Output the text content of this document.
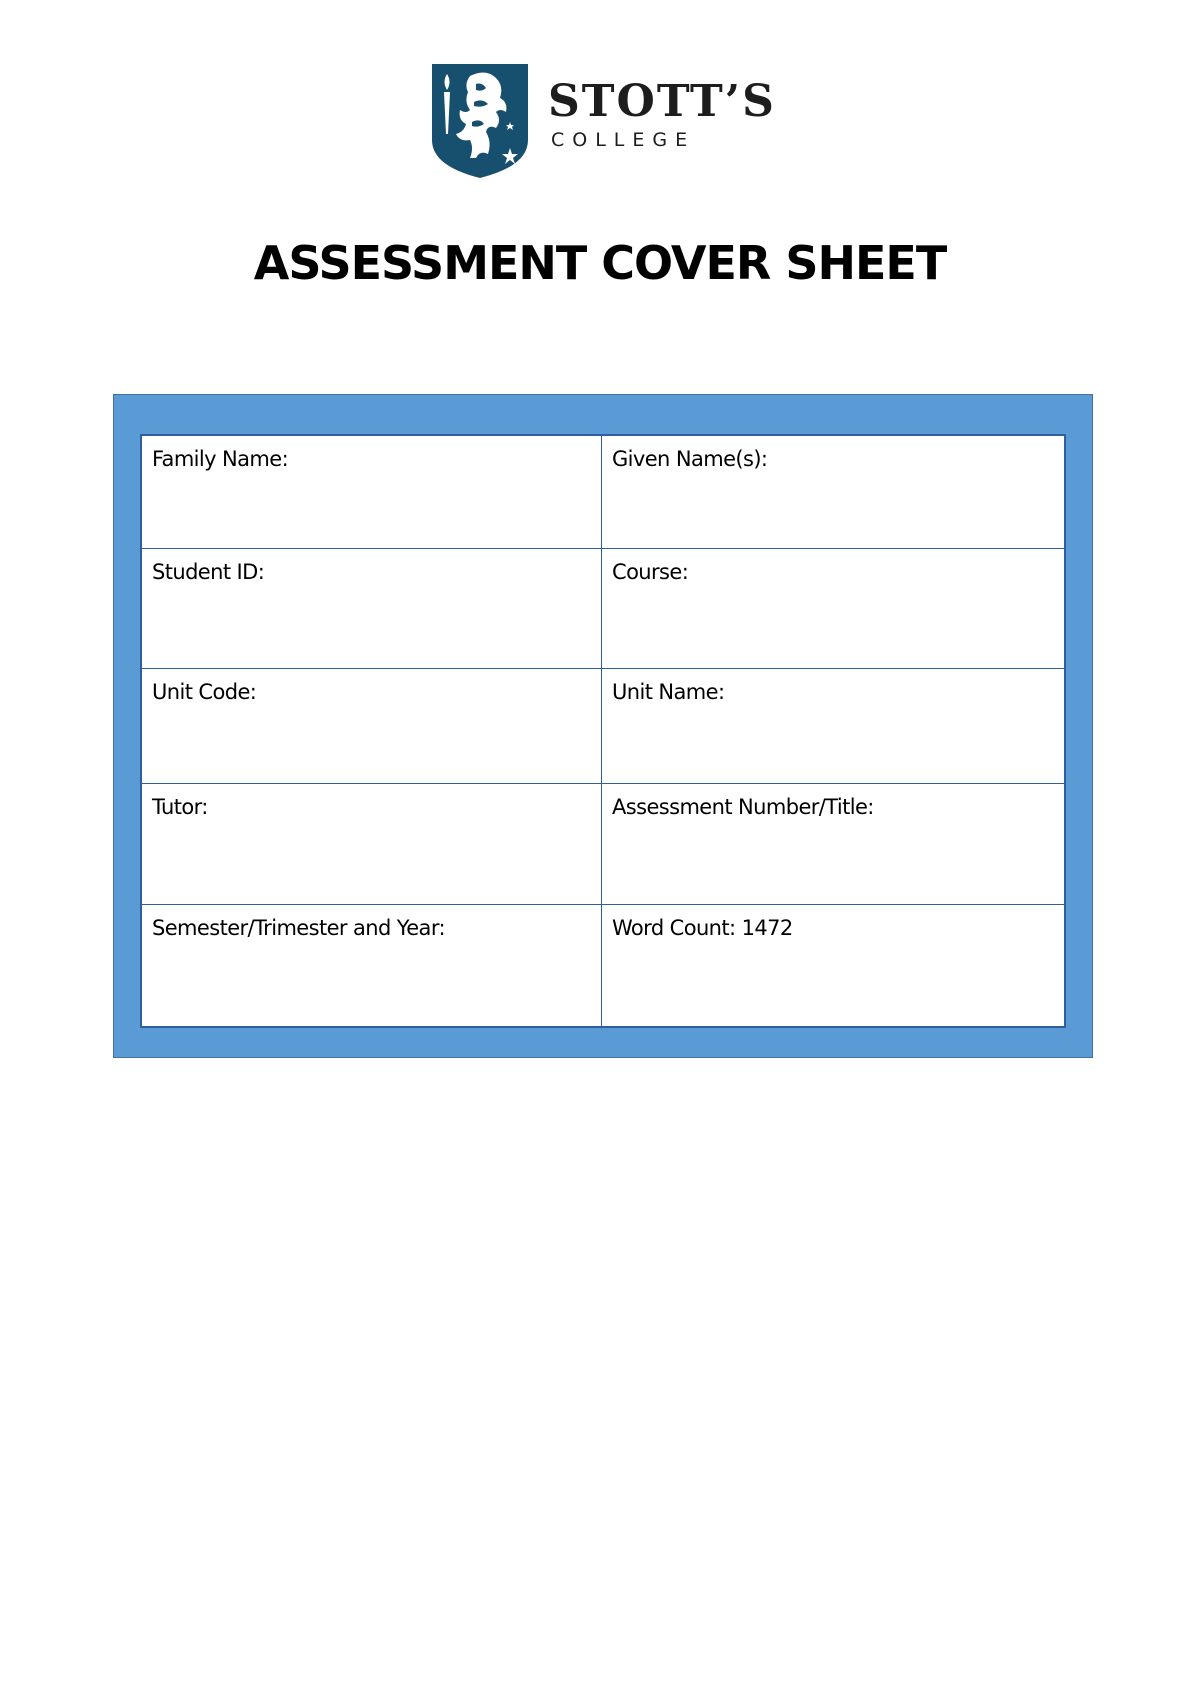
STOTT’S
COLLEGE
ASSESSMENT COVER SHEET
Family Name:	Given Name(s):
Student ID:	Course:
Unit Code:	Unit Name:
Tutor:	Assessment Number/Title:
Semester/Trimester and Year:	Word Count: 1472
